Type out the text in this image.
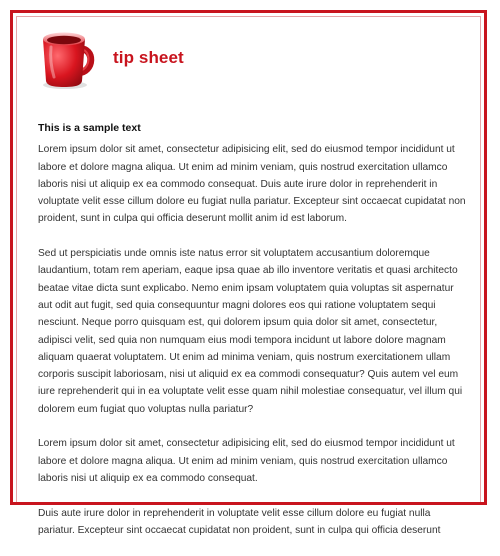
tip sheet

This is a sample text

Lorem ipsum dolor sit amet, consectetur adipisicing elit, sed do eiusmod tempor incididunt ut labore et dolore magna aliqua. Ut enim ad minim veniam, quis nostrud exercitation ullamco laboris nisi ut aliquip ex ea commodo consequat. Duis aute irure dolor in reprehenderit in voluptate velit esse cillum dolore eu fugiat nulla pariatur. Excepteur sint occaecat cupidatat non proident, sunt in culpa qui officia deserunt mollit anim id est laborum.

Sed ut perspiciatis unde omnis iste natus error sit voluptatem accusantium doloremque laudantium, totam rem aperiam, eaque ipsa quae ab illo inventore veritatis et quasi architecto beatae vitae dicta sunt explicabo. Nemo enim ipsam voluptatem quia voluptas sit aspernatur aut odit aut fugit, sed quia consequuntur magni dolores eos qui ratione voluptatem sequi nesciunt. Neque porro quisquam est, qui dolorem ipsum quia dolor sit amet, consectetur, adipisci velit, sed quia non numquam eius modi tempora incidunt ut labore dolore magnam aliquam quaerat voluptatem. Ut enim ad minima veniam, quis nostrum exercitationem ullam corporis suscipit laboriosam, nisi ut aliquid ex ea commodi consequatur? Quis autem vel eum iure reprehenderit qui in ea voluptate velit esse quam nihil molestiae consequatur, vel illum qui dolorem eum fugiat quo voluptas nulla pariatur?

Lorem ipsum dolor sit amet, consectetur adipisicing elit, sed do eiusmod tempor incididunt ut labore et dolore magna aliqua. Ut enim ad minim veniam, quis nostrud exercitation ullamco laboris nisi ut aliquip ex ea commodo consequat.

Duis aute irure dolor in reprehenderit in voluptate velit esse cillum dolore eu fugiat nulla pariatur. Excepteur sint occaecat cupidatat non proident, sunt in culpa qui officia deserunt
